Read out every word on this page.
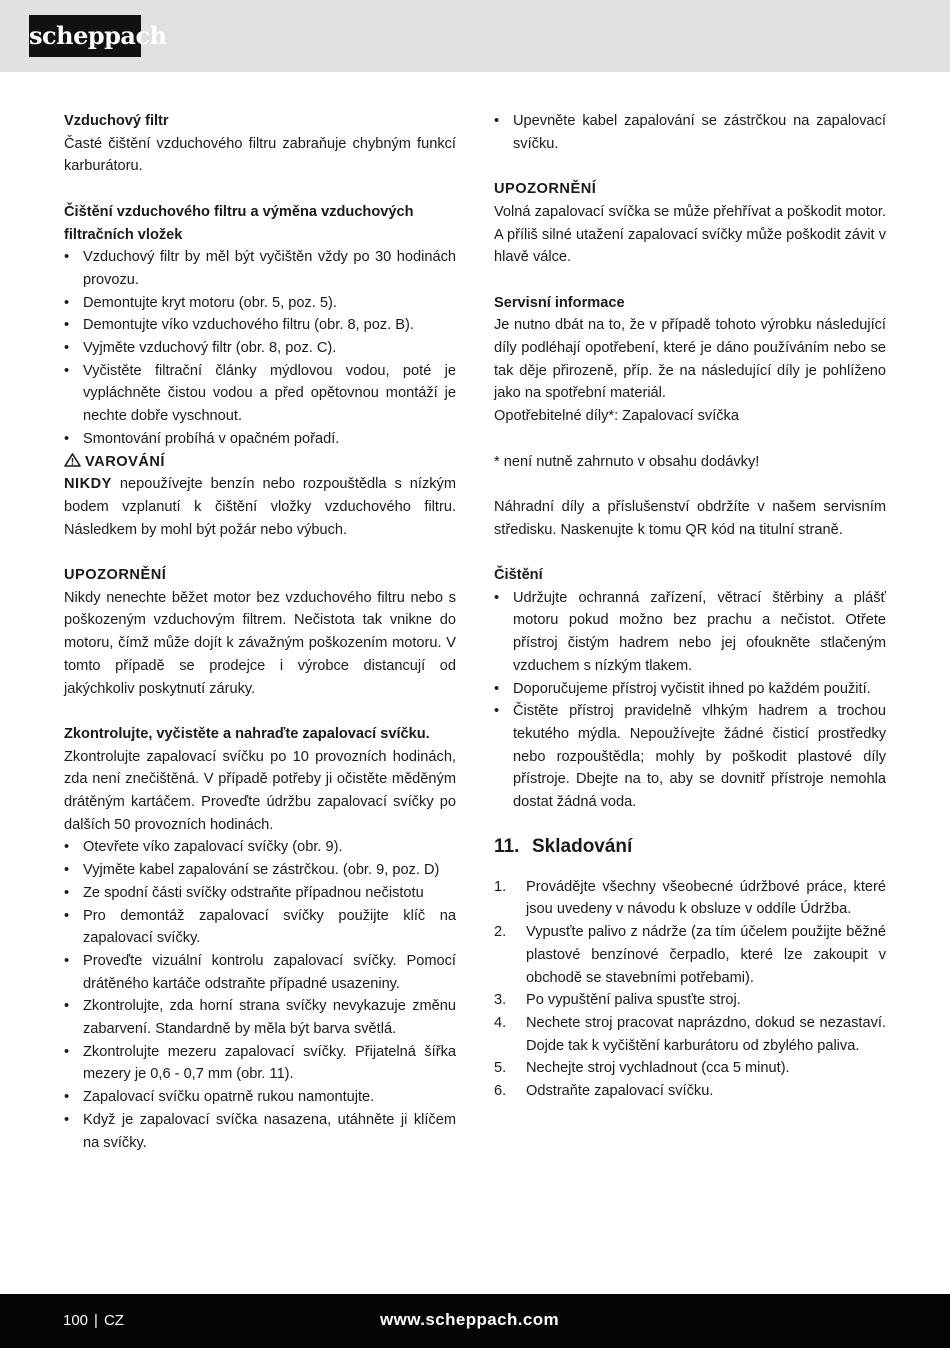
scheppach

Vzduchový filtr

Časté čištění vzduchového filtru zabraňuje chybným funkcí karburátoru.

Čištění vzduchového filtru a výměna vzduchových filtračních vložek

• Vzduchový filtr by měl být vyčištěn vždy po 30 hodinách provozu.
• Demontujte kryt motoru (obr. 5, poz. 5).
• Demontujte víko vzduchového filtru (obr. 8, poz. B).
• Vyjměte vzduchový filtr (obr. 8, poz. C).
• Vyčistěte filtrační články mýdlovou vodou, poté je vypláchněte čistou vodou a před opětovnou montáží je nechte dobře vyschnout.
• Smontování probíhá v opačném pořadí.

VAROVÁNÍ

NIKDY nepoužívejte benzín nebo rozpouštědla s nízkým bodem vzplanutí k čištění vložky vzduchového filtru. Následkem by mohl být požár nebo výbuch.

UPOZORNĚNÍ

Nikdy nenechte běžet motor bez vzduchového filtru nebo s poškozeným vzduchovým filtrem. Nečistota tak vnikne do motoru, čímž může dojít k závažným poškozením motoru. V tomto případě se prodejce i výrobce distancují od jakýchkoliv poskytnutí záruky.

Zkontrolujte, vyčistěte a nahraďte zapalovací svíčku.

Zkontrolujte zapalovací svíčku po 10 provozních hodinách, zda není znečištěná. V případě potřeby ji očistěte měděným drátěným kartáčem. Proveďte údržbu zapalovací svíčky po dalších 50 provozních hodinách.

• Otevřete víko zapalovací svíčky (obr. 9).
• Vyjměte kabel zapalování se zástrčkou. (obr. 9, poz. D)
• Ze spodní části svíčky odstraňte případnou nečistotu
• Pro demontáž zapalovací svíčky použijte klíč na zapalovací svíčky.
• Proveďte vizuální kontrolu zapalovací svíčky. Pomocí drátěného kartáče odstraňte případné usazeniny.
• Zkontrolujte, zda horní strana svíčky nevykazuje změnu zabarvení. Standardně by měla být barva světlá.
• Zkontrolujte mezeru zapalovací svíčky. Přijatelná šířka mezery je 0,6 - 0,7 mm (obr. 11).
• Zapalovací svíčku opatrně rukou namontujte.
• Když je zapalovací svíčka nasazena, utáhněte ji klíčem na svíčky.
• Upevněte kabel zapalování se zástrčkou na zapalovací svíčku.

UPOZORNĚNÍ

Volná zapalovací svíčka se může přehřívat a poškodit motor. A příliš silné utažení zapalovací svíčky může poškodit závit v hlavě válce.

Servisní informace

Je nutno dbát na to, že v případě tohoto výrobku následující díly podléhají opotřebení, které je dáno používáním nebo se tak děje přirozeně, příp. že na následující díly je pohlíženo jako na spotřební materiál.

Opotřebitelné díly*: Zapalovací svíčka

* není nutně zahrnuto v obsahu dodávky!

Náhradní díly a příslušenství obdržíte v našem servisním středisku. Naskenujte k tomu QR kód na titulní straně.

Čištění

• Udržujte ochranná zařízení, větrací štěrbiny a plášť motoru pokud možno bez prachu a nečistot. Otřete přístroj čistým hadrem nebo jej ofoukněte stlačeným vzduchem s nízkým tlakem.
• Doporučujeme přístroj vyčistit ihned po každém použití.
• Čistěte přístroj pravidelně vlhkým hadrem a trochou tekutého mýdla. Nepoužívejte žádné čisticí prostředky nebo rozpouštědla; mohly by poškodit plastové díly přístroje. Dbejte na to, aby se dovnitř přístroje nemohla dostat žádná voda.
11. Skladování
1. Provádějte všechny všeobecné údržbové práce, které jsou uvedeny v návodu k obsluze v oddíle Údržba.
2. Vypusťte palivo z nádrže (za tím účelem použijte běžné plastové benzínové čerpadlo, které lze zakoupit v obchodě se stavebními potřebami).
3. Po vypuštění paliva spusťte stroj.
4. Nechete stroj pracovat naprázdno, dokud se nezastaví. Dojde tak k vyčištění karburátoru od zbylého paliva.
5. Nechejte stroj vychladnout (cca 5 minut).
6. Odstraňte zapalovací svíčku.
100 | CZ	www.scheppach.com
